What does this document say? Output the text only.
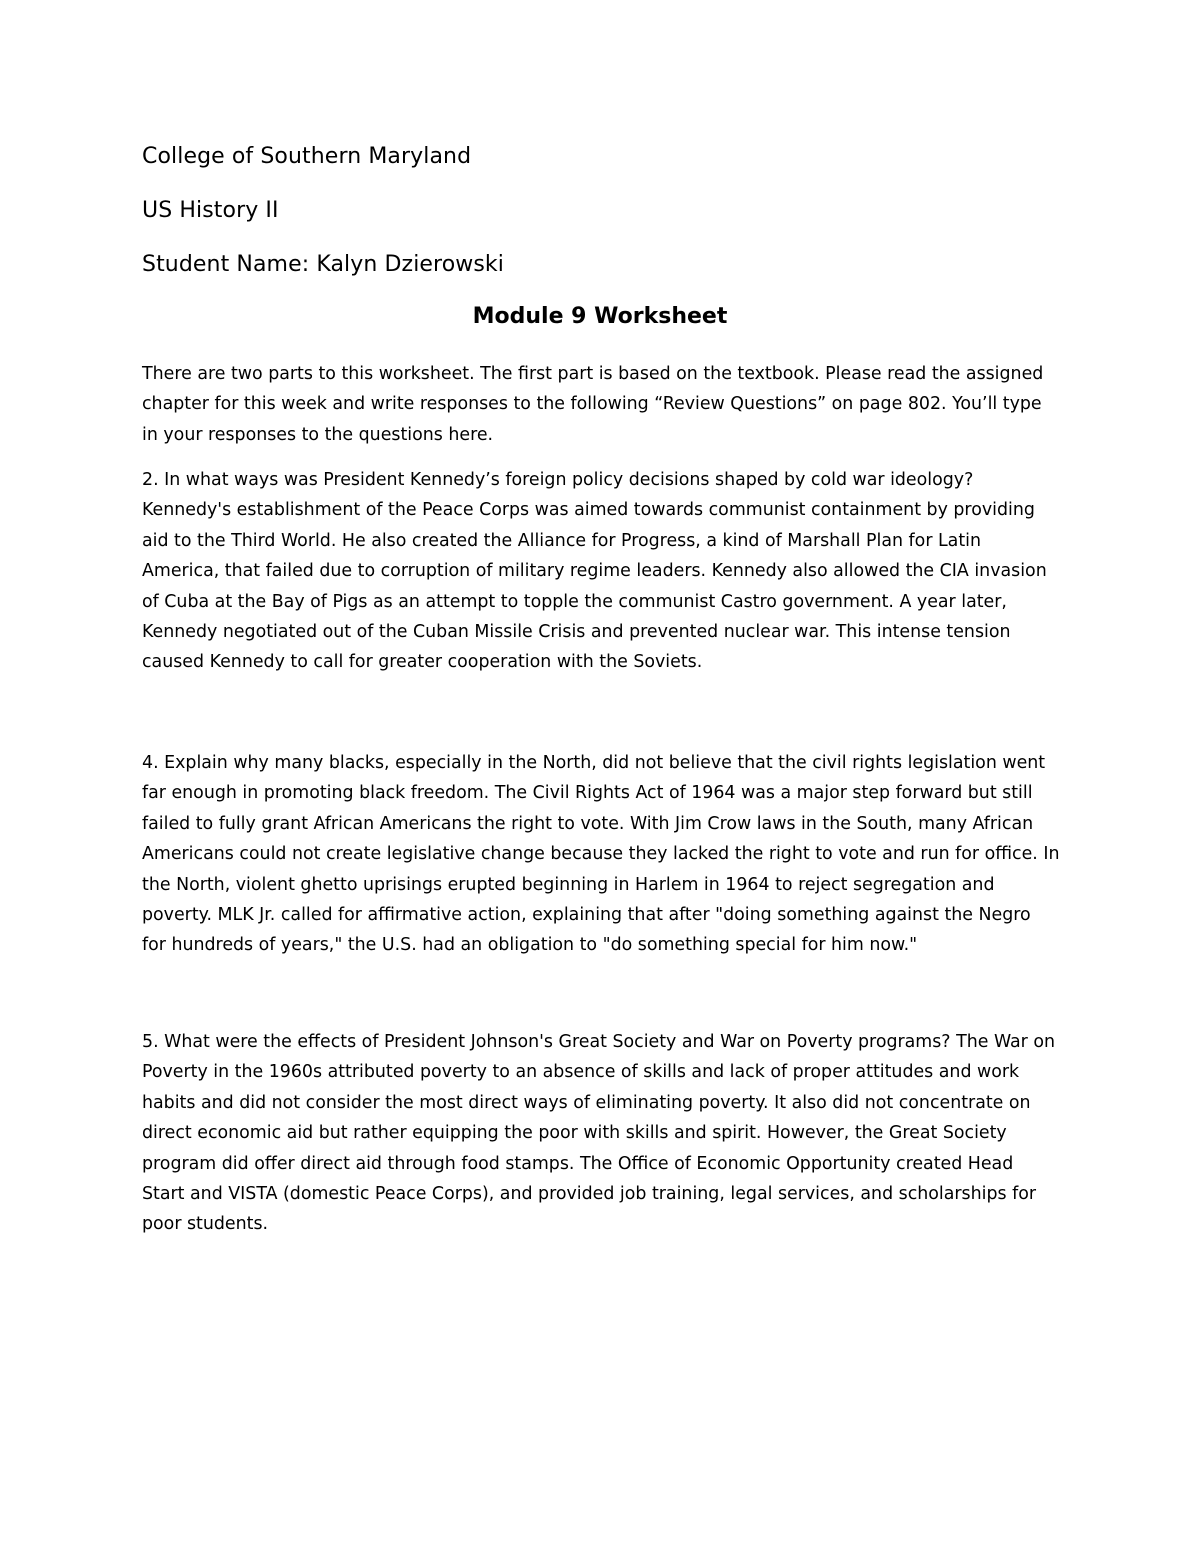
College of Southern Maryland

US History II

Student Name: Kalyn Dzierowski

Module 9 Worksheet

There are two parts to this worksheet. The first part is based on the textbook. Please read the assigned chapter for this week and write responses to the following “Review Questions” on page 802. You’ll type in your responses to the questions here.

2. In what ways was President Kennedy’s foreign policy decisions shaped by cold war ideology? Kennedy's establishment of the Peace Corps was aimed towards communist containment by providing aid to the Third World. He also created the Alliance for Progress, a kind of Marshall Plan for Latin America, that failed due to corruption of military regime leaders. Kennedy also allowed the CIA invasion of Cuba at the Bay of Pigs as an attempt to topple the communist Castro government. A year later, Kennedy negotiated out of the Cuban Missile Crisis and prevented nuclear war. This intense tension caused Kennedy to call for greater cooperation with the Soviets.

4. Explain why many blacks, especially in the North, did not believe that the civil rights legislation went far enough in promoting black freedom. The Civil Rights Act of 1964 was a major step forward but still failed to fully grant African Americans the right to vote. With Jim Crow laws in the South, many African Americans could not create legislative change because they lacked the right to vote and run for office. In the North, violent ghetto uprisings erupted beginning in Harlem in 1964 to reject segregation and poverty. MLK Jr. called for affirmative action, explaining that after "doing something against the Negro for hundreds of years," the U.S. had an obligation to "do something special for him now."

5. What were the effects of President Johnson's Great Society and War on Poverty programs? The War on Poverty in the 1960s attributed poverty to an absence of skills and lack of proper attitudes and work habits and did not consider the most direct ways of eliminating poverty. It also did not concentrate on direct economic aid but rather equipping the poor with skills and spirit. However, the Great Society program did offer direct aid through food stamps. The Office of Economic Opportunity created Head Start and VISTA (domestic Peace Corps), and provided job training, legal services, and scholarships for poor students.
